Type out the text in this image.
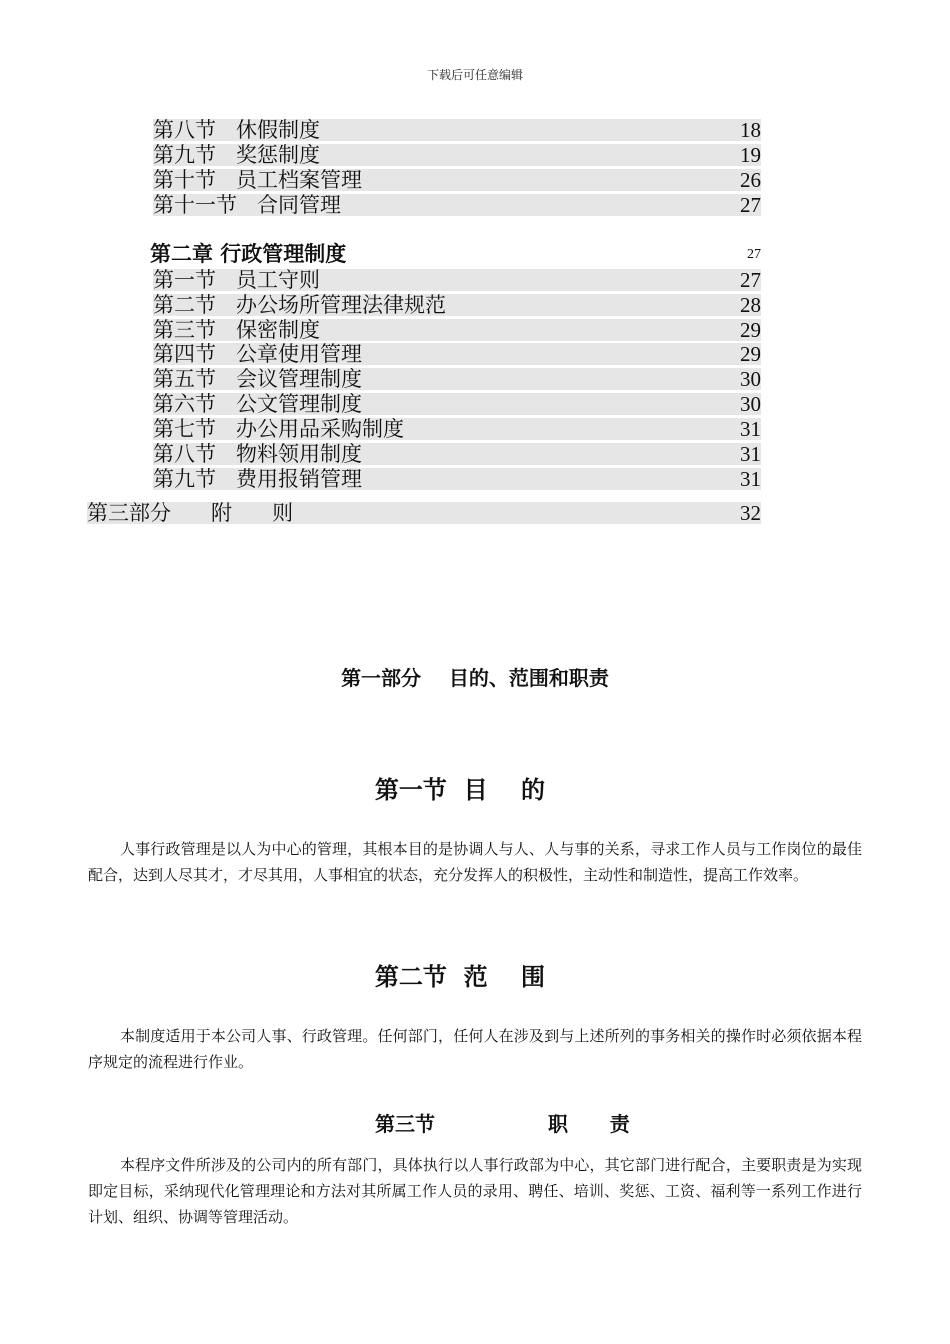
下载后可任意编辑
第八节   休假制度	18
第九节   奖惩制度	19
第十节   员工档案管理	26
第十一节   合同管理	27
第二章 行政管理制度	27
第一节   员工守则	27
第二节   办公场所管理法律规范	28
第三节   保密制度	29
第四节   公章使用管理	29
第五节   会议管理制度	30
第六节   公文管理制度	30
第七节   办公用品采购制度	31
第八节   物料领用制度	31
第九节   费用报销管理	31
第三部分      附      则	32
第一部分    目的、范围和职责
第一节  目    的

人事行政管理是以人为中心的管理，其根本目的是协调人与人、人与事的关系，寻求工作人员与工作岗位的最佳配合，达到人尽其才，才尽其用，人事相宜的状态，充分发挥人的积极性，主动性和制造性，提高工作效率。

第二节  范    围

本制度适用于本公司人事、行政管理。任何部门，任何人在涉及到与上述所列的事务相关的操作时必须依据本程序规定的流程进行作业。

第三节	职      责

本程序文件所涉及的公司内的所有部门，具体执行以人事行政部为中心，其它部门进行配合，主要职责是为实现即定目标，采纳现代化管理理论和方法对其所属工作人员的录用、聘任、培训、奖惩、工资、福利等一系列工作进行计划、组织、协调等管理活动。
